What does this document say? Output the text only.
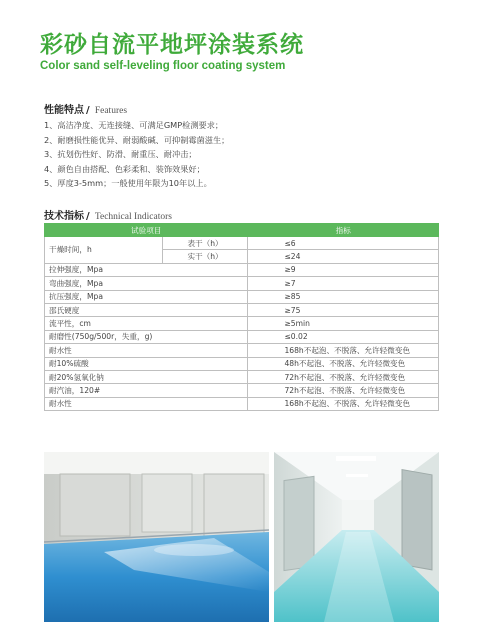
彩砂自流平地坪涂装系统
Color sand self-leveling floor coating system
性能特点 / Features
1、高洁净度、无连接缝、可满足GMP检测要求；
2、耐磨损性能优异、耐弱酸碱、可抑制霉菌滋生；
3、抗划伤性好、防滑、耐重压、耐冲击；
4、颜色自由搭配、色彩柔和、装饰效果好；
5、厚度3-5mm；一般使用年限为10年以上。
技术指标 / Technical Indicators
试验项目		指标
干燥时间，h	表干（h）	≤6
	实干（h）	≤24
拉伸强度，Mpa		≥9
弯曲强度，Mpa		≥7
抗压强度，Mpa		≥85
邵氏硬度		≥75
流平性，cm		≥5min
耐磨性(750g/500r，失重，g)		≤0.02
耐水性		168h不起泡、不脱落、允许轻微变色
耐10%硫酸		48h不起泡、不脱落、允许轻微变色
耐20%氢氧化钠		72h不起泡、不脱落、允许轻微变色
耐汽油，120#		72h不起泡、不脱落、允许轻微变色
耐水性		168h不起泡、不脱落、允许轻微变色
